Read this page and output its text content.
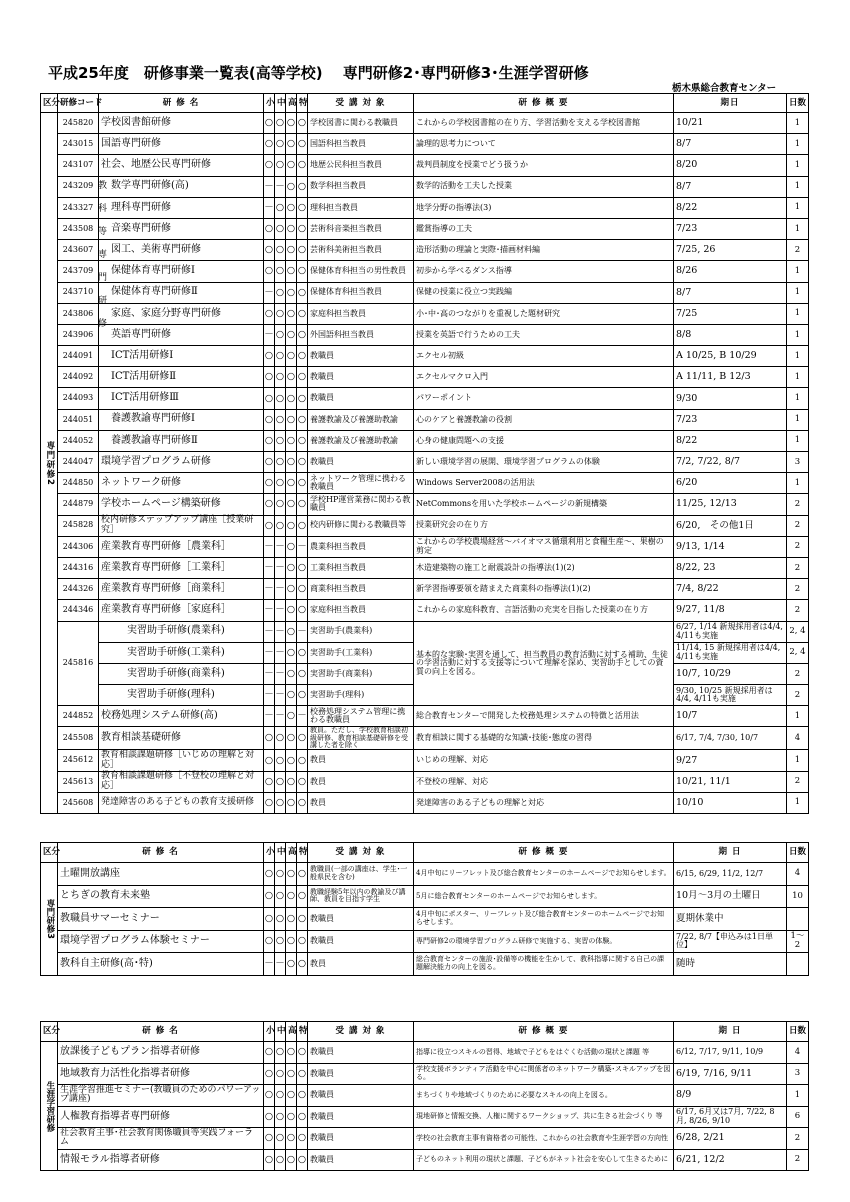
平成25年度　研修事業一覧表(高等学校)　 専門研修2･専門研修3･生涯学習研修
栃木県総合教育センター
区分	研修コード	研 修 名	小	中	高	特	受 講 対 象	研 修 概 要	期日	日数

専門研修2	245820	学校図書館研修	○	○	○	○	学校図書に関わる教職員	これからの学校図書館の在り方、学習活動を支える学校図書館	10/21	1
	243015	国語専門研修	○	○	○	○	国語科担当教員	論理的思考力について	8/7	1
	243107	社会、地歴公民専門研修	○	○	○	○	地歴公民科担当教員	裁判員制度を授業でどう扱うか	8/20	1
	243209	数学専門研修(高)	－	－	○	○	数学科担当教員	数学的活動を工夫した授業	8/7	1
	243327	理科専門研修	－	○	○	○	理科担当教員	地学分野の指導法(3)	8/22	1
	243508	音楽専門研修	○	○	○	○	芸術科音楽担当教員	鑑賞指導の工夫	7/23	1
	243607	図工、美術専門研修	○	○	○	○	芸術科美術担当教員	造形活動の理論と実際･描画材料編	7/25, 26	2
	243709	保健体育専門研修Ⅰ	○	○	○	○	保健体育科担当の男性教員	初歩から学べるダンス指導	8/26	1
	243710	保健体育専門研修Ⅱ	－	○	○	○	保健体育科担当教員	保健の授業に役立つ実践編	8/7	1
	243806	家庭、家庭分野専門研修	○	○	○	○	家庭科担当教員	小･中･高のつながりを重視した題材研究	7/25	1
	243906	英語専門研修	－	○	○	○	外国語科担当教員	授業を英語で行うための工夫	8/8	1
	244091	ICT活用研修Ⅰ	○	○	○	○	教職員	エクセル初級	A 10/25, B 10/29	1
	244092	ICT活用研修Ⅱ	○	○	○	○	教職員	エクセルマクロ入門	A 11/11, B 12/3	1
	244093	ICT活用研修Ⅲ	○	○	○	○	教職員	パワーポイント	9/30	1
	244051	養護教諭専門研修Ⅰ	○	○	○	○	養護教諭及び養護助教諭	心のケアと養護教諭の役割	7/23	1
	244052	養護教諭専門研修Ⅱ	○	○	○	○	養護教諭及び養護助教諭	心身の健康問題への支援	8/22	1
	244047	環境学習プログラム研修	○	○	○	○	教職員	新しい環境学習の展開、環境学習プログラムの体験	7/2, 7/22, 8/7	3
	244850	ネットワーク研修	○	○	○	○	ネットワーク管理に携わる教職員	Windows Server2008の活用法	6/20	1
	244879	学校ホームページ構築研修	○	○	○	○	学校HP運営業務に関わる教職員	NetCommonsを用いた学校ホームページの新規構築	11/25, 12/13	2
	245828	校内研修ステップアップ講座［授業研究］	○	○	○	○	校内研修に関わる教職員等	授業研究会の在り方	6/20,　その他1日	2
	244306	産業教育専門研修［農業科］	－	－	○	－	農業科担当教員	これからの学校農場経営～バイオマス循環利用と食糧生産～、果樹の剪定	9/13, 1/14	2
	244316	産業教育専門研修［工業科］	－	－	○	○	工業科担当教員	木造建築物の施工と耐震設計の指導法(1)(2)	8/22, 23	2
	244326	産業教育専門研修［商業科］	－	－	○	○	商業科担当教員	新学習指導要領を踏まえた商業科の指導法(1)(2)	7/4, 8/22	2
	244346	産業教育専門研修［家庭科］	－	－	○	○	家庭科担当教員	これからの家庭科教育、言語活動の充実を目指した授業の在り方	9/27, 11/8	2
	245816	実習助手研修(農業科)	－	－	○	－	実習助手(農業科)	基本的な実験･実習を通して、担当教員の教育活動に対する補助、生徒の学習活動に対する支援等について理解を深め、実習助手としての資質の向上を図る。	6/27, 1/14 新規採用者は4/4, 4/11も実施	2, 4
		実習助手研修(工業科)	－	－	○	○	実習助手(工業科)		11/14, 15 新規採用者は4/4, 4/11も実施	2, 4
		実習助手研修(商業科)	－	－	○	○	実習助手(商業科)		10/7, 10/29	2
		実習助手研修(理科)	－	－	○	○	実習助手(理科)		9/30, 10/25 新規採用者は4/4, 4/11も実施	2
	244852	校務処理システム研修(高)	－	－	○	－	校務処理システム管理に携わる教職員	総合教育センターで開発した校務処理システムの特徴と活用法	10/7	1
	245508	教育相談基礎研修	○	○	○	○	教員。ただし、学校教育相談初級研修、教育相談基礎研修を受講した者を除く	教育相談に関する基礎的な知識･技能･態度の習得	6/17, 7/4, 7/30, 10/7	4
	245612	教育相談課題研修［いじめの理解と対応］	○	○	○	○	教員	いじめの理解、対応	9/27	1
	245613	教育相談課題研修［不登校の理解と対応］	○	○	○	○	教員	不登校の理解、対応	10/21, 11/1	2
	245608	発達障害のある子どもの教育支援研修	○	○	○	○	教員	発達障害のある子どもの理解と対応	10/10	1
区分	研 修 名	小	中	高	特	受 講 対 象	研 修 概 要	期 日	日数

専門研修3	土曜開放講座	○	○	○	○	教職員(一部の講座は、学生･一般県民を含む)	4月中旬にリーフレット及び総合教育センターのホームページでお知らせします。	6/15, 6/29, 11/2, 12/7	4
	とちぎの教育未来塾	○	○	○	○	教職経験5年以内の教諭及び講師、教員を目指す学生	5月に総合教育センターのホームページでお知らせします。	10月～3月の土曜日	10
	教職員サマーセミナー	○	○	○	○	教職員	4月中旬にポスター、リーフレット及び総合教育センターのホームページでお知らせします。	夏期休業中	
	環境学習プログラム体験セミナー	○	○	○	○	教職員	専門研修2の環境学習プログラム研修で実施する、実習の体験。	7/22, 8/7【申込みは1日単位】	1～2
	教科自主研修(高･特)	－	－	○	○	教員	総合教育センターの施設･設備等の機能を生かして、教科指導に関する自己の課題解決能力の向上を図る。	随時	
区分	研 修 名	小	中	高	特	受 講 対 象	研 修 概 要	期 日	日数

生涯学習研修	放課後子どもプラン指導者研修	○	○	○	○	教職員	指導に役立つスキルの習得、地域で子どもをはぐくむ活動の現状と課題 等	6/12, 7/17, 9/11, 10/9	4
	地域教育力活性化指導者研修	○	○	○	○	教職員	学校支援ボランティア活動を中心に関係者のネットワーク構築･スキルアップを図る。	6/19, 7/16, 9/11	3
	生涯学習推進セミナー(教職員のためのパワーアップ講座)	○	○	○	○	教職員	まちづくりや地域づくりのために必要なスキルの向上を図る。	8/9	1
	人権教育指導者専門研修	○	○	○	○	教職員	現地研修と情報交換、人権に関するワークショップ、共に生きる社会づくり 等	6/17, 6月又は7月, 7/22, 8月, 8/26, 9/10	6
	社会教育主事･社会教育関係職員等実践フォーラム	○	○	○	○	教職員	学校の社会教育主事有資格者の可能性、これからの社会教育や生涯学習の方向性	6/28, 2/21	2
	情報モラル指導者研修	○	○	○	○	教職員	子どものネット利用の現状と課題、子どもがネット社会を安心して生きるために	6/21, 12/2	2
教科等専門研修
